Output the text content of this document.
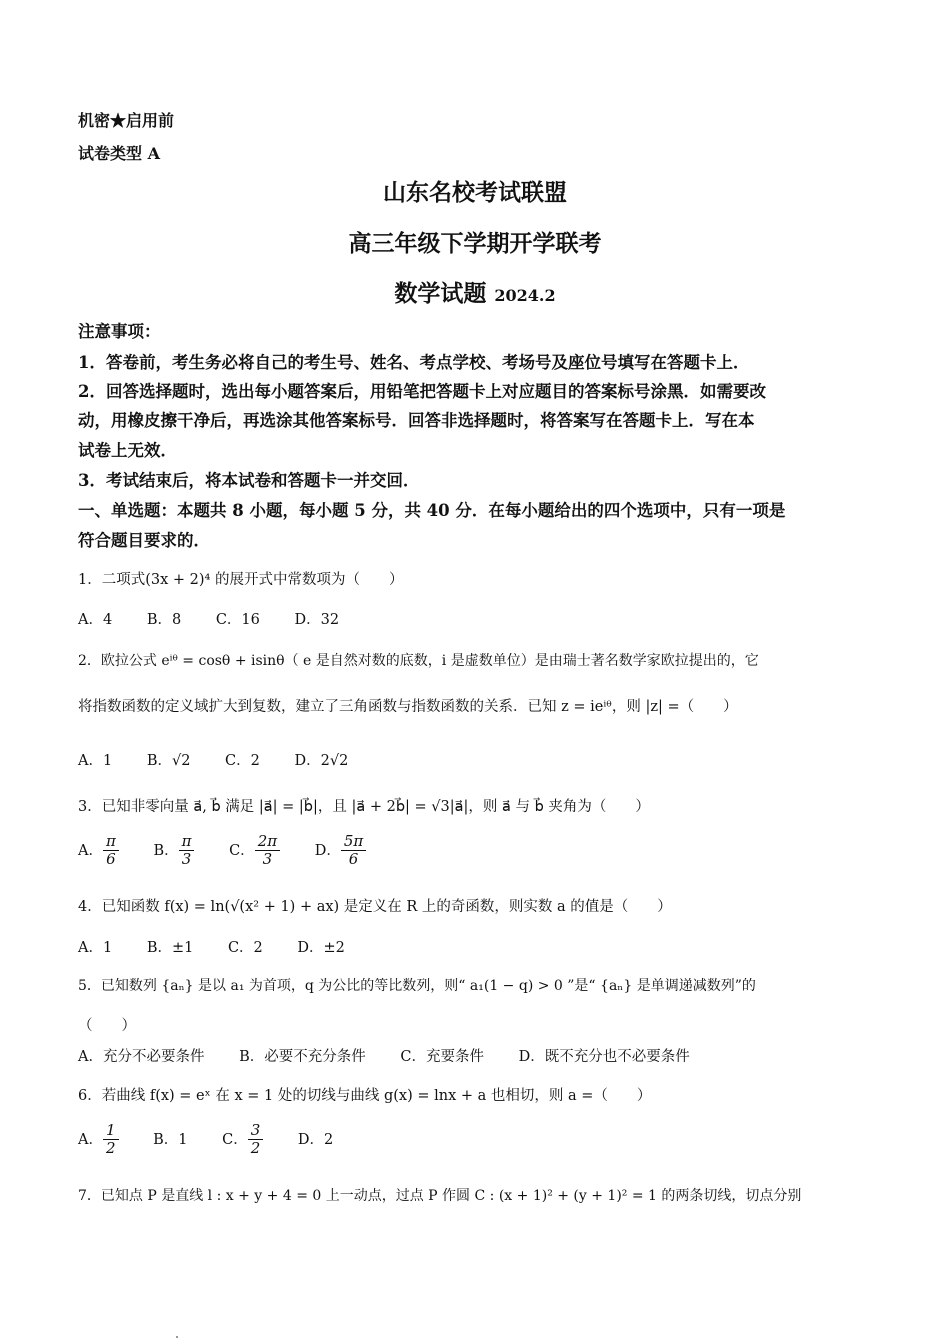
机密★启用前
试卷类型 A
山东名校考试联盟
高三年级下学期开学联考
数学试题 2024.2
注意事项：
1．答卷前，考生务必将自己的考生号、姓名、考点学校、考场号及座位号填写在答题卡上．
2．回答选择题时，选出每小题答案后，用铅笔把答题卡上对应题目的答案标号涂黑．如需要改
动，用橡皮擦干净后，再选涂其他答案标号．回答非选择题时，将答案写在答题卡上．写在本
试卷上无效．
3．考试结束后，将本试卷和答题卡一并交回．
一、单选题：本题共 8 小题，每小题 5 分，共 40 分．在每小题给出的四个选项中，只有一项是
符合题目要求的．
1．二项式(3x + 2)⁴ 的展开式中常数项为（　　）
A．4 B．8 C．16 D．32
2．欧拉公式 eⁱᶿ = cosθ + isinθ（ e 是自然对数的底数，i 是虚数单位）是由瑞士著名数学家欧拉提出的，它
将指数函数的定义域扩大到复数，建立了三角函数与指数函数的关系．已知 z = ieⁱᶿ，则 |z| =（　　）
A．1 B．√2 C．2 D．2√2
3．已知非零向量 a⃗, b⃗ 满足 |a⃗| = |b⃗|，且 |a⃗ + 2b⃗| = √3|a⃗|，则 a⃗ 与 b⃗ 夹角为（　　）
A． $\frac{\pi}{6}$ B． $\frac{\pi}{3}$ C． $\frac{2\pi}{3}$ D． $\frac{5\pi}{6}$
4．已知函数 f(x) = ln(√(x² + 1) + ax) 是定义在 R 上的奇函数，则实数 a 的值是（　　）
A．1 B．±1 C．2 D．±2
5．已知数列 {aₙ} 是以 a₁ 为首项，q 为公比的等比数列，则“ a₁(1 − q) > 0 ”是“ {aₙ} 是单调递减数列”的
（　　）
A．充分不必要条件 B．必要不充分条件 C．充要条件 D．既不充分也不必要条件
6．若曲线 f(x) = eˣ 在 x = 1 处的切线与曲线 g(x) = lnx + a 也相切，则 a =（　　）
A． $\frac{1}{2}$ B．1 C． $\frac{3}{2}$ D．2
7．已知点 P 是直线 l : x + y + 4 = 0 上一动点，过点 P 作圆 C : (x + 1)² + (y + 1)² = 1 的两条切线，切点分别
